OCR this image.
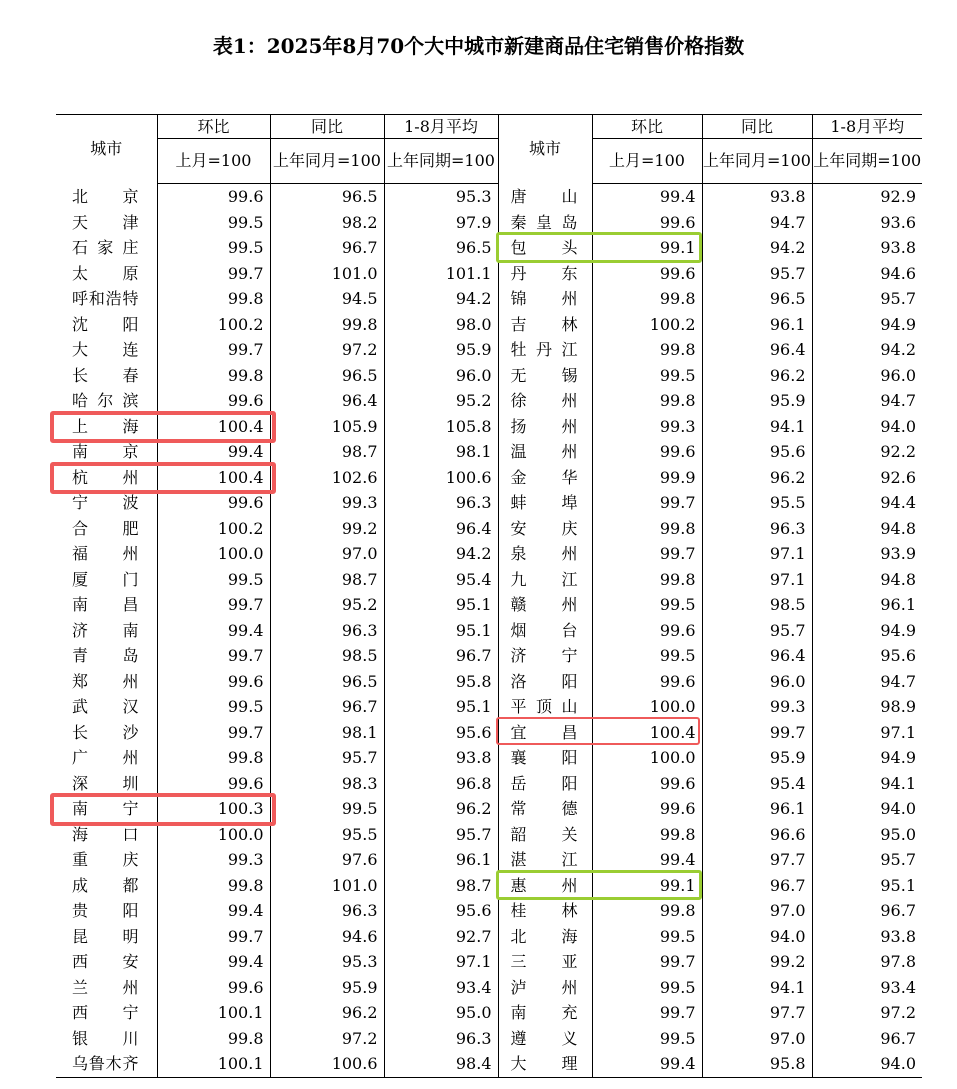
表1：2025年8月70个大中城市新建商品住宅销售价格指数
城市	环比	同比	1-8月平均	城市	环比	同比	1-8月平均
	上月=100	上年同月=100	上年同期=100		上月=100	上年同月=100	上年同期=100
北京	99.6	96.5	95.3	唐山	99.4	93.8	92.9
天津	99.5	98.2	97.9	秦皇岛	99.6	94.7	93.6
石家庄	99.5	96.7	96.5	包头	99.1	94.2	93.8
太原	99.7	101.0	101.1	丹东	99.6	95.7	94.6
呼和浩特	99.8	94.5	94.2	锦州	99.8	96.5	95.7
沈阳	100.2	99.8	98.0	吉林	100.2	96.1	94.9
大连	99.7	97.2	95.9	牡丹江	99.8	96.4	94.2
长春	99.8	96.5	96.0	无锡	99.5	96.2	96.0
哈尔滨	99.6	96.4	95.2	徐州	99.8	95.9	94.7
上海	100.4	105.9	105.8	扬州	99.3	94.1	94.0
南京	99.4	98.7	98.1	温州	99.6	95.6	92.2
杭州	100.4	102.6	100.6	金华	99.9	96.2	92.6
宁波	99.6	99.3	96.3	蚌埠	99.7	95.5	94.4
合肥	100.2	99.2	96.4	安庆	99.8	96.3	94.8
福州	100.0	97.0	94.2	泉州	99.7	97.1	93.9
厦门	99.5	98.7	95.4	九江	99.8	97.1	94.8
南昌	99.7	95.2	95.1	赣州	99.5	98.5	96.1
济南	99.4	96.3	95.1	烟台	99.6	95.7	94.9
青岛	99.7	98.5	96.7	济宁	99.5	96.4	95.6
郑州	99.6	96.5	95.8	洛阳	99.6	96.0	94.7
武汉	99.5	96.7	95.1	平顶山	100.0	99.3	98.9
长沙	99.7	98.1	95.6	宜昌	100.4	99.7	97.1
广州	99.8	95.7	93.8	襄阳	100.0	95.9	94.9
深圳	99.6	98.3	96.8	岳阳	99.6	95.4	94.1
南宁	100.3	99.5	96.2	常德	99.6	96.1	94.0
海口	100.0	95.5	95.7	韶关	99.8	96.6	95.0
重庆	99.3	97.6	96.1	湛江	99.4	97.7	95.7
成都	99.8	101.0	98.7	惠州	99.1	96.7	95.1
贵阳	99.4	96.3	95.6	桂林	99.8	97.0	96.7
昆明	99.7	94.6	92.7	北海	99.5	94.0	93.8
西安	99.4	95.3	97.1	三亚	99.7	99.2	97.8
兰州	99.6	95.9	93.4	泸州	99.5	94.1	93.4
西宁	100.1	96.2	95.0	南充	99.7	97.7	97.2
银川	99.8	97.2	96.3	遵义	99.5	97.0	96.7
乌鲁木齐	100.1	100.6	98.4	大理	99.4	95.8	94.0
